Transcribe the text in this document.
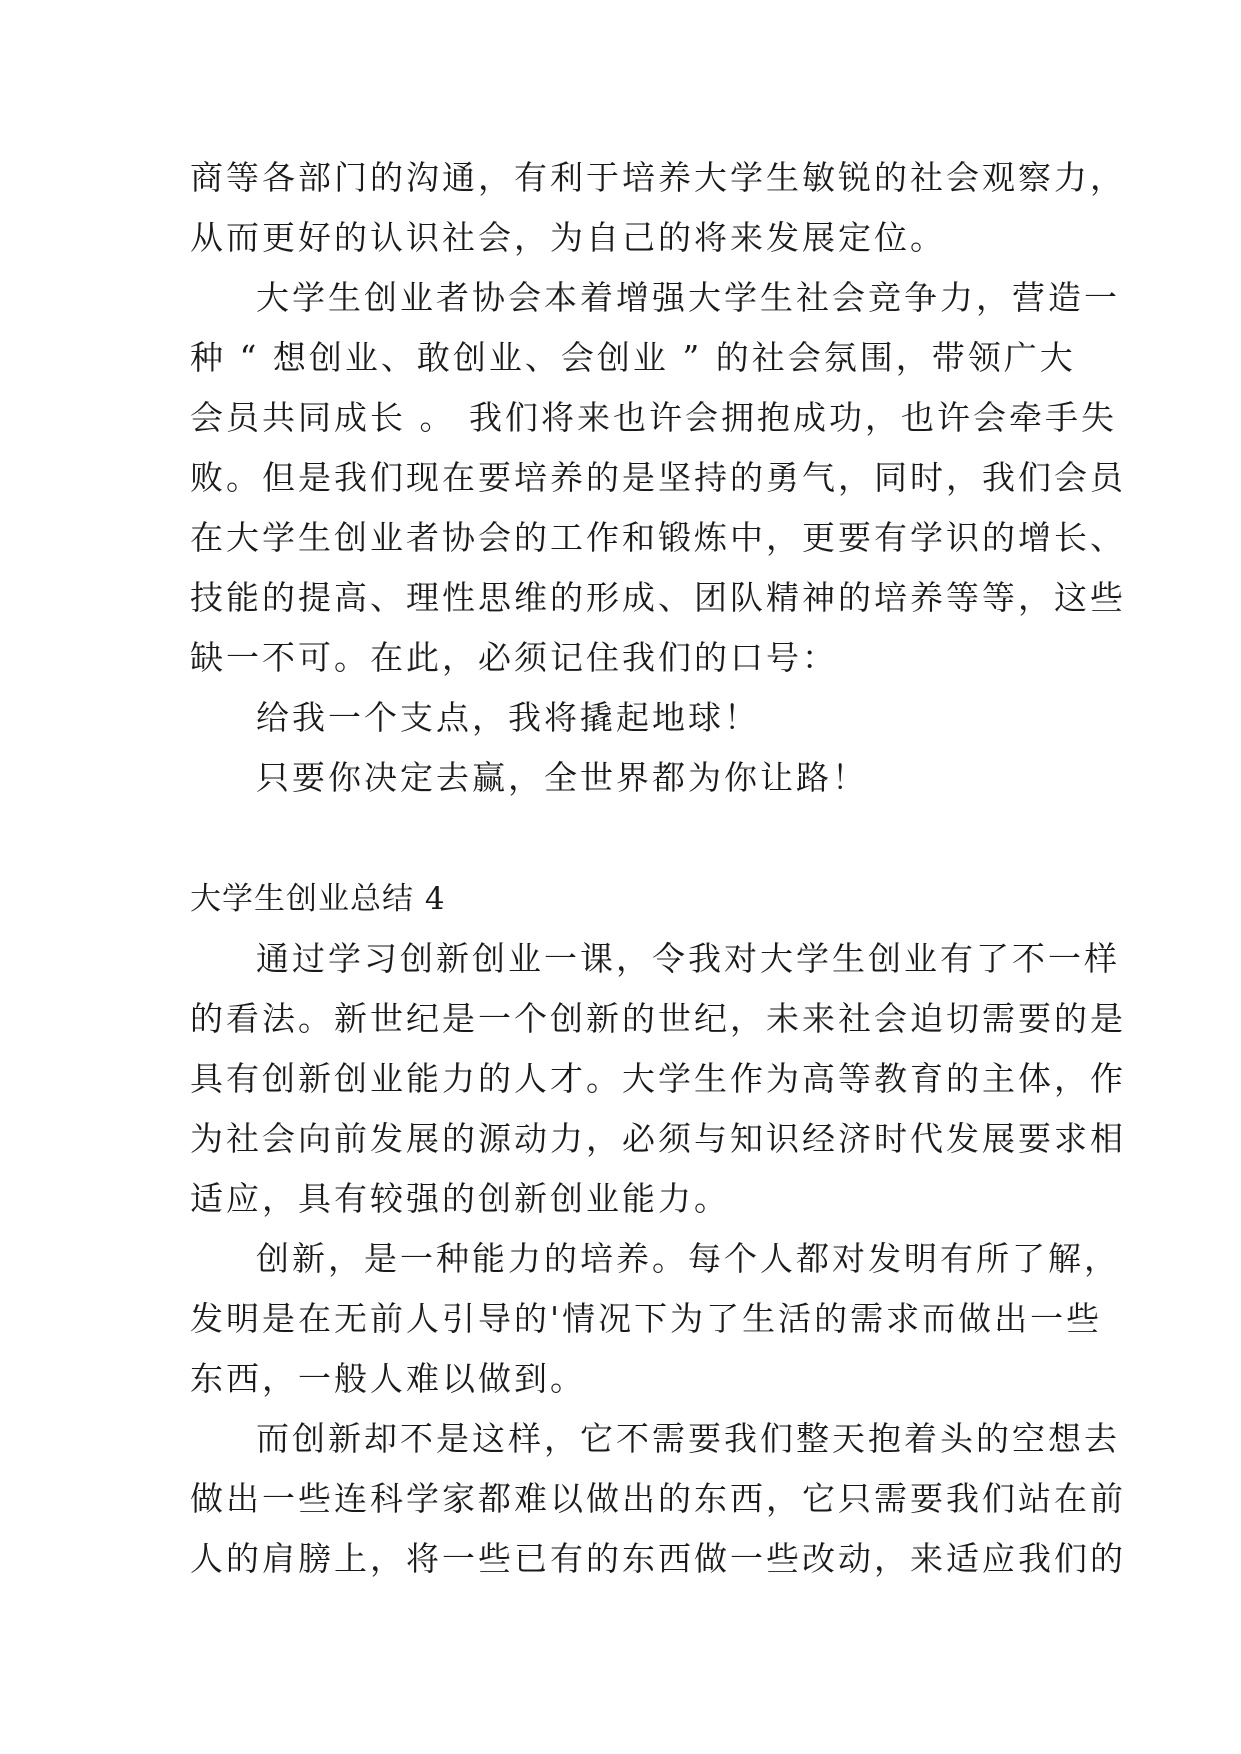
商等各部门的沟通，有利于培养大学生敏锐的社会观察力，
从而更好的认识社会，为自己的将来发展定位。
大学生创业者协会本着增强大学生社会竞争力，营造一
种 “ 想创业、敢创业、会创业 ” 的社会氛围，带领广大
会员共同成长 。 我们将来也许会拥抱成功，也许会牵手失
败。但是我们现在要培养的是坚持的勇气，同时，我们会员
在大学生创业者协会的工作和锻炼中，更要有学识的增长、
技能的提高、理性思维的形成、团队精神的培养等等，这些
缺一不可。在此，必须记住我们的口号：
给我一个支点，我将撬起地球！
只要你决定去赢，全世界都为你让路！
大学生创业总结 4
通过学习创新创业一课，令我对大学生创业有了不一样
的看法。新世纪是一个创新的世纪，未来社会迫切需要的是
具有创新创业能力的人才。大学生作为高等教育的主体，作
为社会向前发展的源动力，必须与知识经济时代发展要求相
适应，具有较强的创新创业能力。
创新，是一种能力的培养。每个人都对发明有所了解，
发明是在无前人引导的'情况下为了生活的需求而做出一些
东西，一般人难以做到。
而创新却不是这样，它不需要我们整天抱着头的空想去
做出一些连科学家都难以做出的东西，它只需要我们站在前
人的肩膀上，将一些已有的东西做一些改动，来适应我们的
